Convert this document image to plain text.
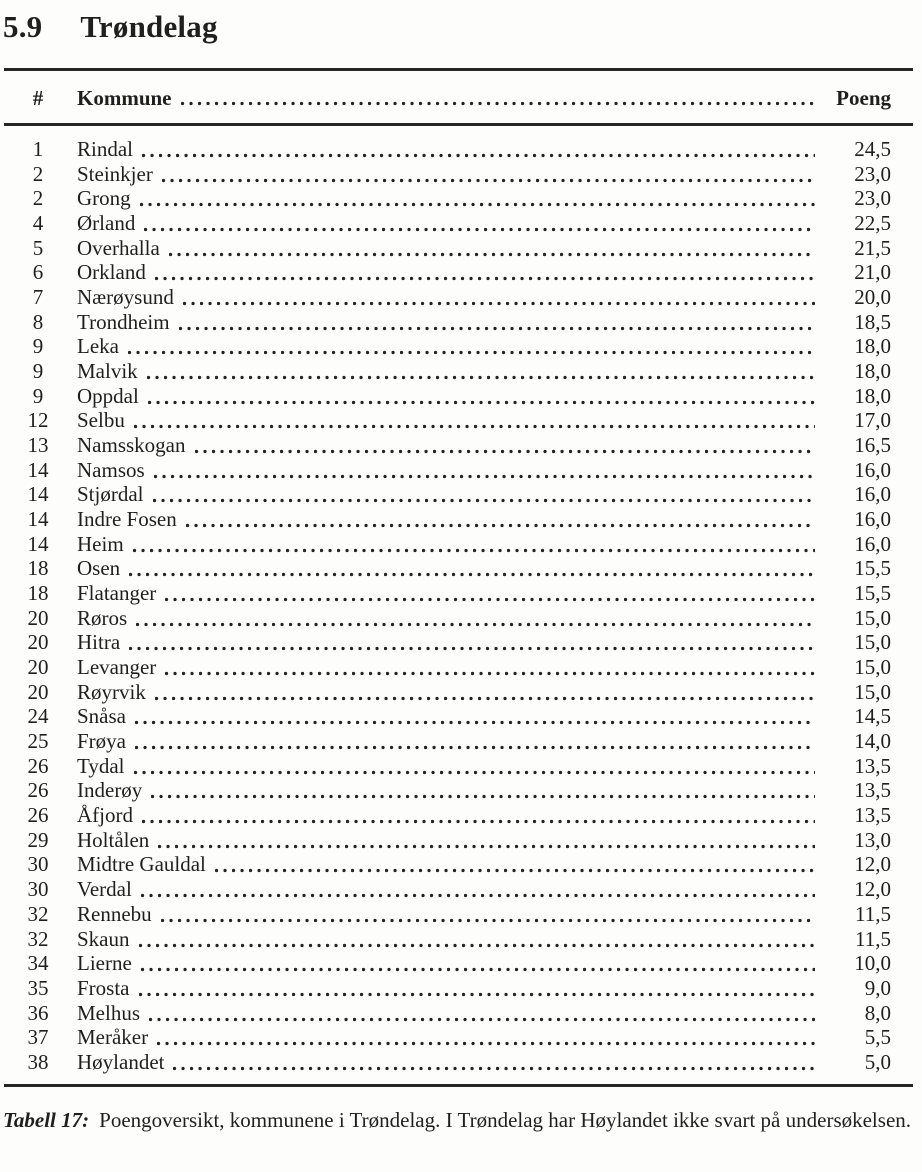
5.9 Trøndelag
#	Kommune	Poeng
1	Rindal	24,5
2	Steinkjer	23,0
2	Grong	23,0
4	Ørland	22,5
5	Overhalla	21,5
6	Orkland	21,0
7	Nærøysund	20,0
8	Trondheim	18,5
9	Leka	18,0
9	Malvik	18,0
9	Oppdal	18,0
12	Selbu	17,0
13	Namsskogan	16,5
14	Namsos	16,0
14	Stjørdal	16,0
14	Indre Fosen	16,0
14	Heim	16,0
18	Osen	15,5
18	Flatanger	15,5
20	Røros	15,0
20	Hitra	15,0
20	Levanger	15,0
20	Røyrvik	15,0
24	Snåsa	14,5
25	Frøya	14,0
26	Tydal	13,5
26	Inderøy	13,5
26	Åfjord	13,5
29	Holtålen	13,0
30	Midtre Gauldal	12,0
30	Verdal	12,0
32	Rennebu	11,5
32	Skaun	11,5
34	Lierne	10,0
35	Frosta	9,0
36	Melhus	8,0
37	Meråker	5,5
38	Høylandet	5,0
Tabell 17: Poengoversikt, kommunene i Trøndelag. I Trøndelag har Høylandet ikke svart på undersøkelsen.
